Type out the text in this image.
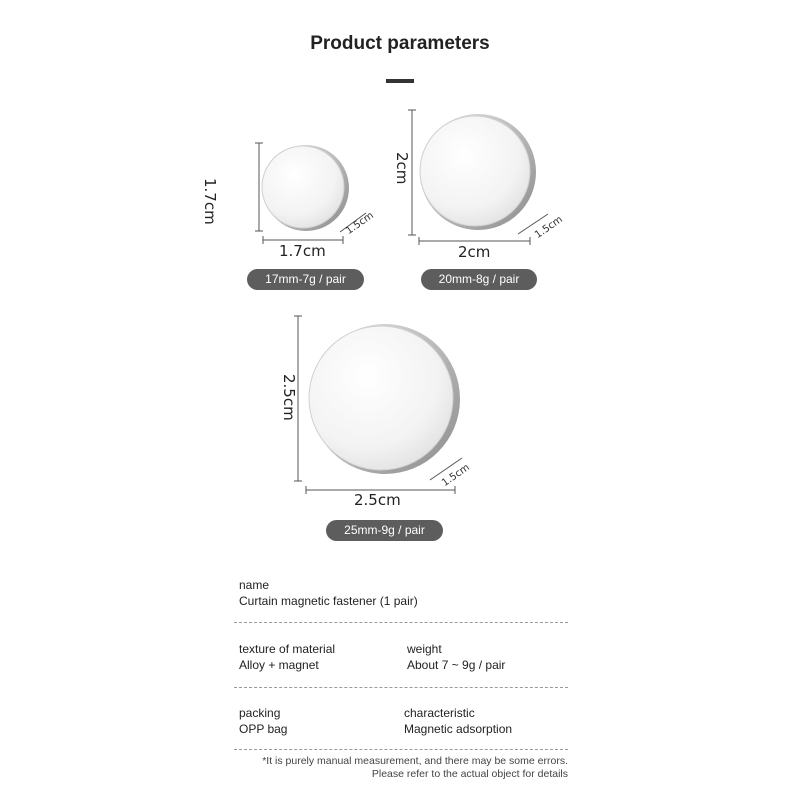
Product parameters
1.7cm
1.7cm
1.5cm
17mm-7g / pair
2cm
2cm
1.5cm
20mm-8g / pair
2.5cm
2.5cm
1.5cm
25mm-9g / pair
name
Curtain magnetic fastener (1 pair)
texture of material
Alloy + magnet
weight
About 7 ~ 9g / pair
packing
OPP bag
characteristic
Magnetic adsorption
*It is purely manual measurement, and there may be some errors.
Please refer to the actual object for details
